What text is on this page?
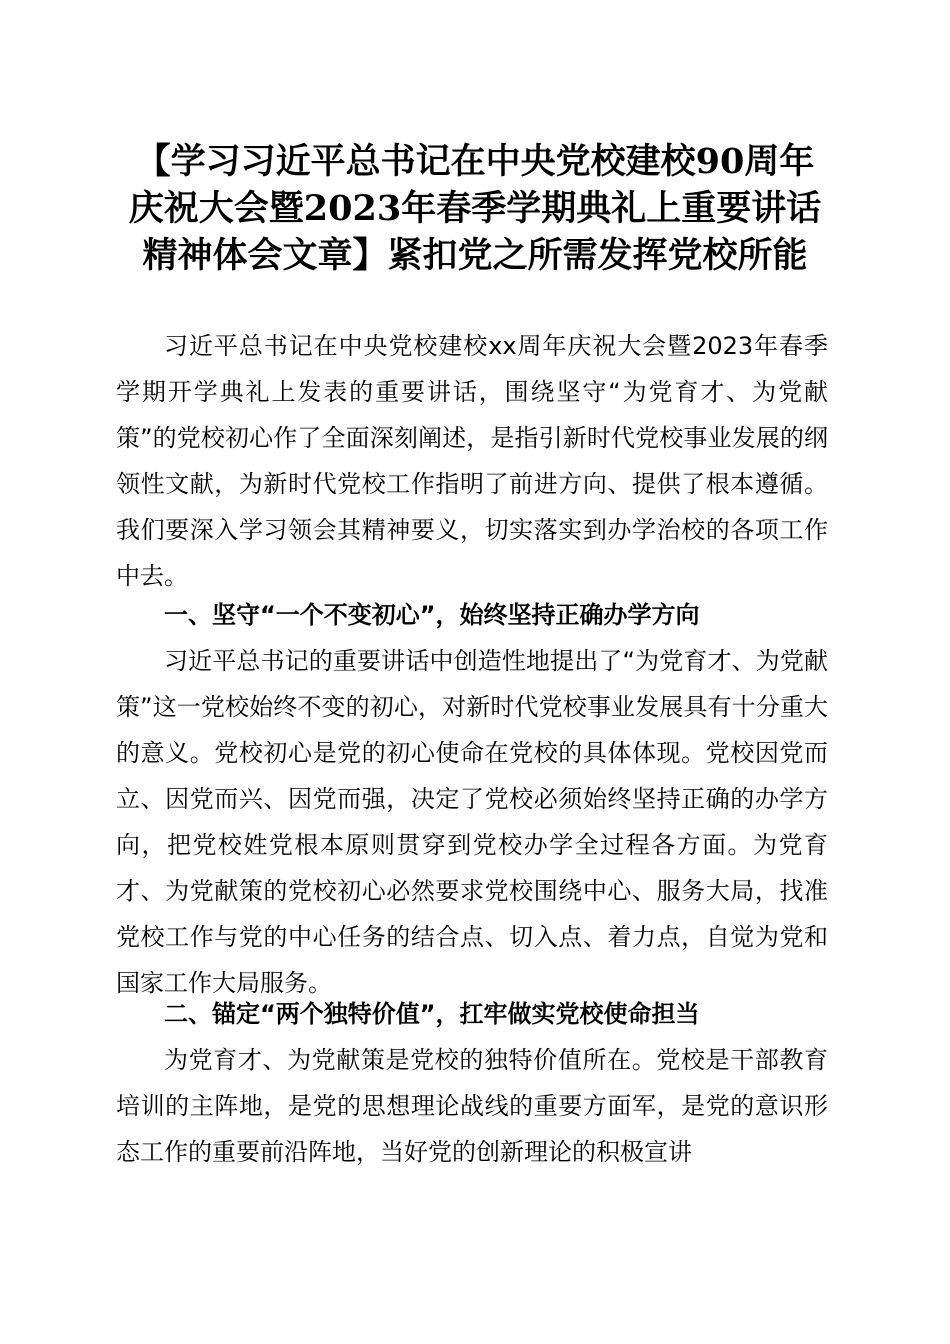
【学习习近平总书记在中央党校建校90周年
庆祝大会暨2023年春季学期典礼上重要讲话
精神体会文章】紧扣党之所需发挥党校所能

习近平总书记在中央党校建校xx周年庆祝大会暨2023年春季学期开学典礼上发表的重要讲话，围绕坚守“为党育才、为党献策”的党校初心作了全面深刻阐述，是指引新时代党校事业发展的纲领性文献，为新时代党校工作指明了前进方向、提供了根本遵循。我们要深入学习领会其精神要义，切实落实到办学治校的各项工作中去。

一、坚守“一个不变初心”，始终坚持正确办学方向

习近平总书记的重要讲话中创造性地提出了“为党育才、为党献策”这一党校始终不变的初心，对新时代党校事业发展具有十分重大的意义。党校初心是党的初心使命在党校的具体体现。党校因党而立、因党而兴、因党而强，决定了党校必须始终坚持正确的办学方向，把党校姓党根本原则贯穿到党校办学全过程各方面。为党育才、为党献策的党校初心必然要求党校围绕中心、服务大局，找准党校工作与党的中心任务的结合点、切入点、着力点，自觉为党和国家工作大局服务。

二、锚定“两个独特价值”，扛牢做实党校使命担当

为党育才、为党献策是党校的独特价值所在。党校是干部教育培训的主阵地，是党的思想理论战线的重要方面军，是党的意识形态工作的重要前沿阵地，当好党的创新理论的积极宣讲
